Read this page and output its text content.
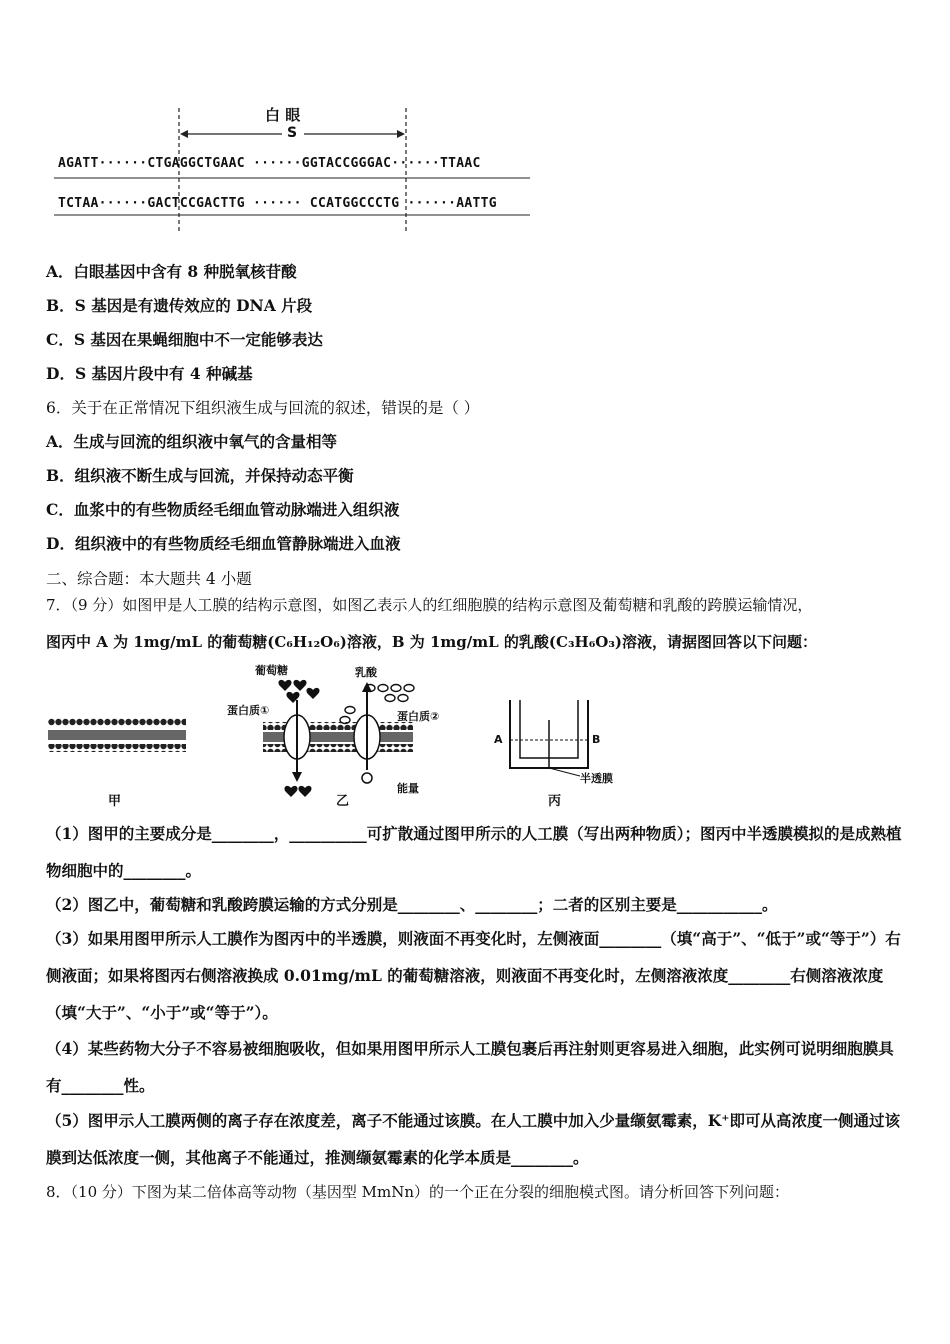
白 眼
S
AGATT······CTGAGGCTGAAC ······GGTACCGGGAC······TTAAC
TCTAA······GACTCCGACTTG ······ CCATGGCCCTG ······AATTG
A．白眼基因中含有 8 种脱氧核苷酸
B．S 基因是有遗传效应的 DNA 片段
C．S 基因在果蝇细胞中不一定能够表达
D．S 基因片段中有 4 种碱基
6．关于在正常情况下组织液生成与回流的叙述，错误的是（ ）
A．生成与回流的组织液中氧气的含量相等
B．组织液不断生成与回流，并保持动态平衡
C．血浆中的有些物质经毛细血管动脉端进入组织液
D．组织液中的有些物质经毛细血管静脉端进入血液
二、综合题：本大题共 4 小题
7．（9 分）如图甲是人工膜的结构示意图，如图乙表示人的红细胞膜的结构示意图及葡萄糖和乳酸的跨膜运输情况，
图丙中 A 为 1mg/mL 的葡萄糖(C₆H₁₂O₆)溶液，B 为 1mg/mL 的乳酸(C₃H₆O₃)溶液，请据图回答以下问题：
甲
葡萄糖	乳酸
蛋白质①	蛋白质②
能量
乙
A	B
半透膜
丙
（1）图甲的主要成分是________，__________可扩散通过图甲所示的人工膜（写出两种物质）；图丙中半透膜模拟的是成熟植物细胞中的________。
（2）图乙中，葡萄糖和乳酸跨膜运输的方式分别是________、________；二者的区别主要是___________。
（3）如果用图甲所示人工膜作为图丙中的半透膜，则液面不再变化时，左侧液面________（填“高于”、“低于”或“等于”）右侧液面；如果将图丙右侧溶液换成 0.01mg/mL 的葡萄糖溶液，则液面不再变化时，左侧溶液浓度________右侧溶液浓度（填“大于”、“小于”或“等于”）。
（4）某些药物大分子不容易被细胞吸收，但如果用图甲所示人工膜包裹后再注射则更容易进入细胞，此实例可说明细胞膜具有________性。
（5）图甲示人工膜两侧的离子存在浓度差，离子不能通过该膜。在人工膜中加入少量缬氨霉素，K⁺即可从高浓度一侧通过该膜到达低浓度一侧，其他离子不能通过，推测缬氨霉素的化学本质是________。
8．（10 分）下图为某二倍体高等动物（基因型 MmNn）的一个正在分裂的细胞模式图。请分析回答下列问题：
